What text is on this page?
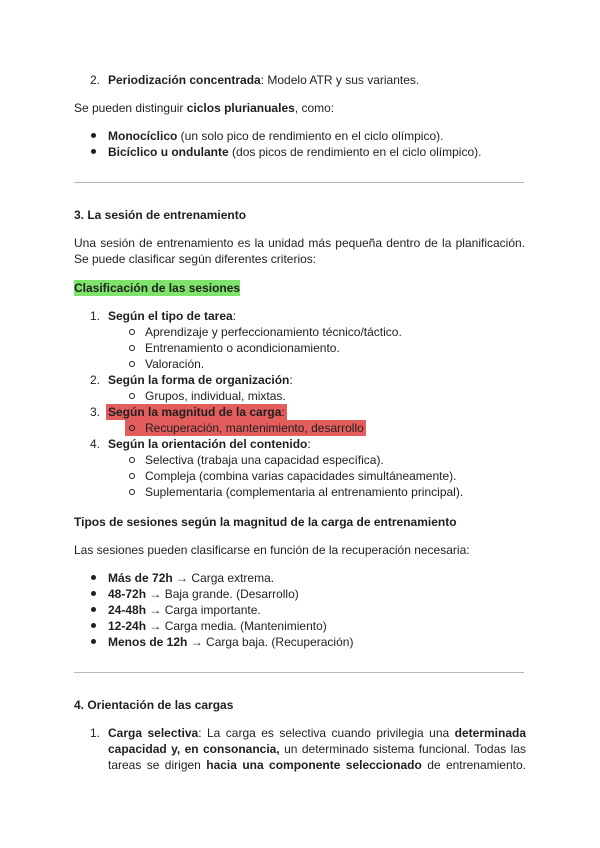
2. Periodización concentrada: Modelo ATR y sus variantes.
Se pueden distinguir ciclos plurianuales, como:
Monocíclico (un solo pico de rendimiento en el ciclo olímpico).
Bicíclico u ondulante (dos picos de rendimiento en el ciclo olímpico).
3. La sesión de entrenamiento
Una sesión de entrenamiento es la unidad más pequeña dentro de la planificación.
Se puede clasificar según diferentes criterios:
Clasificación de las sesiones
1. Según el tipo de tarea:
Aprendizaje y perfeccionamiento técnico/táctico.
Entrenamiento o acondicionamiento.
Valoración.
2. Según la forma de organización:
Grupos, individual, mixtas.
3. Según la magnitud de la carga:
Recuperación, mantenimiento, desarrollo
4. Según la orientación del contenido:
Selectiva (trabaja una capacidad específica).
Compleja (combina varias capacidades simultáneamente).
Suplementaria (complementaria al entrenamiento principal).
Tipos de sesiones según la magnitud de la carga de entrenamiento
Las sesiones pueden clasificarse en función de la recuperación necesaria:
Más de 72h → Carga extrema.
48-72h → Baja grande. (Desarrollo)
24-48h → Carga importante.
12-24h → Carga media. (Mantenimiento)
Menos de 12h → Carga baja. (Recuperación)
4. Orientación de las cargas
1. Carga selectiva: La carga es selectiva cuando privilegia una determinada
capacidad y, en consonancia, un determinado sistema funcional. Todas las
tareas se dirigen hacia una componente seleccionado de entrenamiento.
